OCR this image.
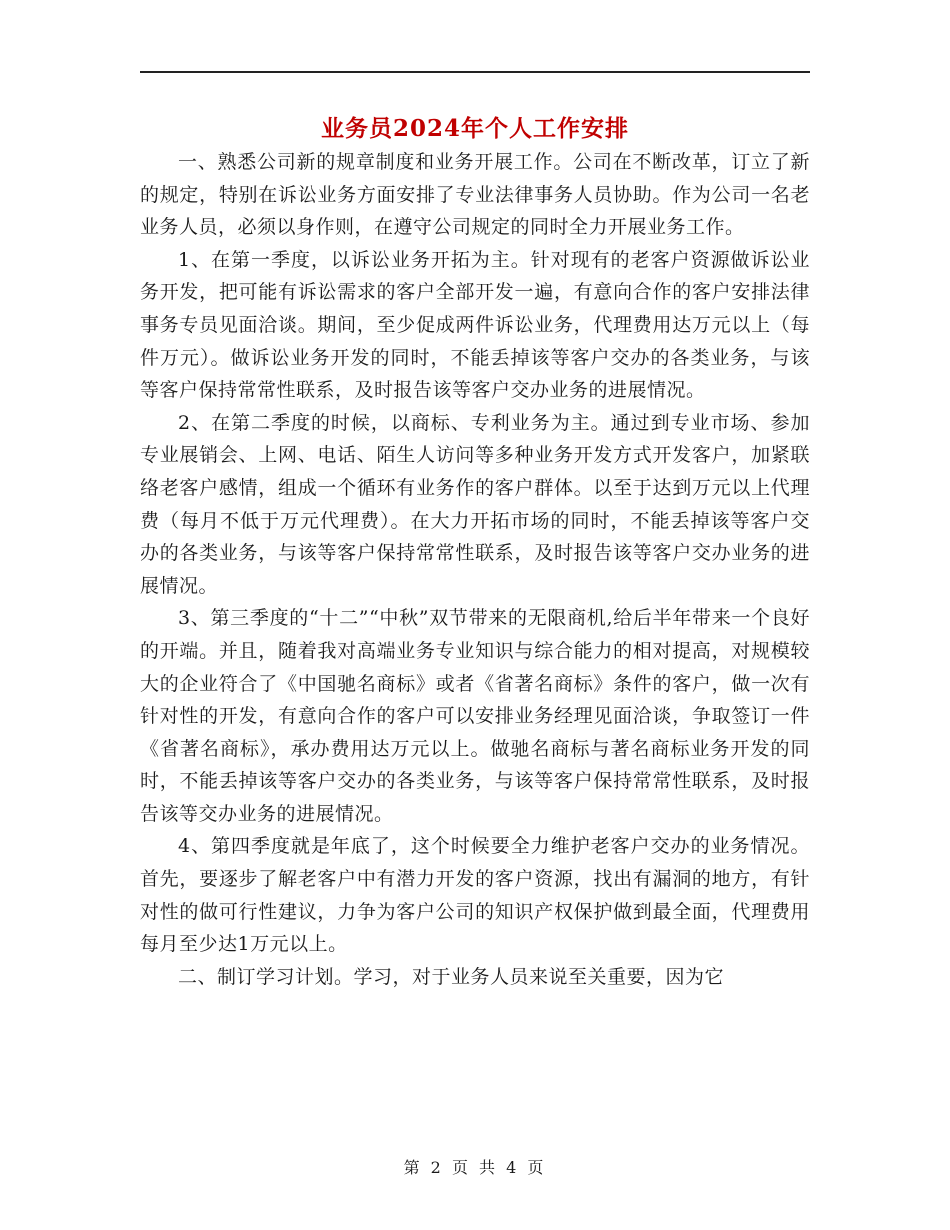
业务员2024年个人工作安排

一、熟悉公司新的规章制度和业务开展工作。公司在不断改革，订立了新的规定，特别在诉讼业务方面安排了专业法律事务人员协助。作为公司一名老业务人员，必须以身作则，在遵守公司规定的同时全力开展业务工作。

1、在第一季度，以诉讼业务开拓为主。针对现有的老客户资源做诉讼业务开发，把可能有诉讼需求的客户全部开发一遍，有意向合作的客户安排法律事务专员见面洽谈。期间，至少促成两件诉讼业务，代理费用达万元以上（每件万元）。做诉讼业务开发的同时，不能丢掉该等客户交办的各类业务，与该等客户保持常常性联系，及时报告该等客户交办业务的进展情况。

2、在第二季度的时候，以商标、专利业务为主。通过到专业市场、参加专业展销会、上网、电话、陌生人访问等多种业务开发方式开发客户，加紧联络老客户感情，组成一个循环有业务作的客户群体。以至于达到万元以上代理费（每月不低于万元代理费）。在大力开拓市场的同时，不能丢掉该等客户交办的各类业务，与该等客户保持常常性联系，及时报告该等客户交办业务的进展情况。

3、第三季度的“十二”“中秋”双节带来的无限商机,给后半年带来一个良好的开端。并且，随着我对高端业务专业知识与综合能力的相对提高，对规模较大的企业符合了《中国驰名商标》或者《省著名商标》条件的客户，做一次有针对性的开发，有意向合作的客户可以安排业务经理见面洽谈，争取签订一件《省著名商标》，承办费用达万元以上。做驰名商标与著名商标业务开发的同时，不能丢掉该等客户交办的各类业务，与该等客户保持常常性联系，及时报告该等交办业务的进展情况。

4、第四季度就是年底了，这个时候要全力维护老客户交办的业务情况。首先，要逐步了解老客户中有潜力开发的客户资源，找出有漏洞的地方，有针对性的做可行性建议，力争为客户公司的知识产权保护做到最全面，代理费用每月至少达1万元以上。

二、制订学习计划。学习，对于业务人员来说至关重要，因为它

第 2 页 共 4 页
